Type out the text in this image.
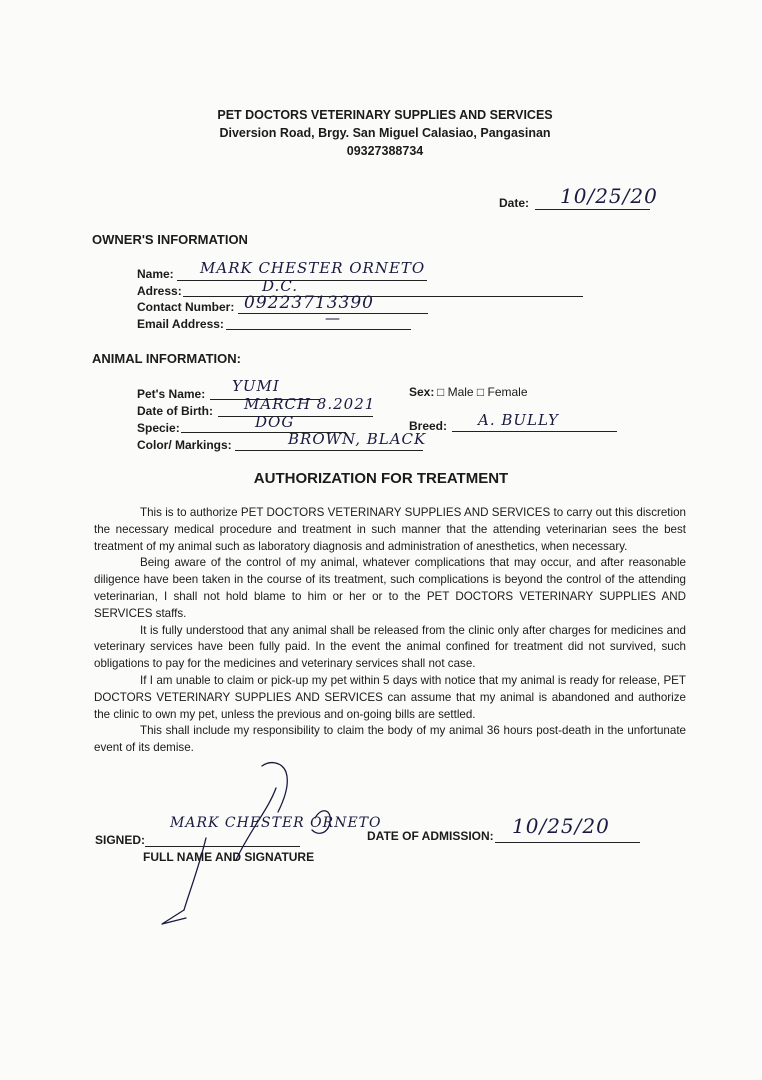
PET DOCTORS VETERINARY SUPPLIES AND SERVICES
Diversion Road, Brgy. San Miguel Calasiao, Pangasinan
09327388734
Date: 10/25/20
OWNER'S INFORMATION
Name: MARK CHESTER ORNETO
Adress:	D.C.
Contact Number: 09223713390
Email Address:	—
ANIMAL INFORMATION:
Pet's Name: YUMI	Sex: □ Male □ Female
Date of Birth: MARCH 8.2021
Specie:	DOG	Breed: A. BULLY
Color/ Markings:	BROWN, BLACK
AUTHORIZATION FOR TREATMENT

This is to authorize PET DOCTORS VETERINARY SUPPLIES AND SERVICES to carry out this discretion the necessary medical procedure and treatment in such manner that the attending veterinarian sees the best treatment of my animal such as laboratory diagnosis and administration of anesthetics, when necessary.

Being aware of the control of my animal, whatever complications that may occur, and after reasonable diligence have been taken in the course of its treatment, such complications is beyond the control of the attending veterinarian, I shall not hold blame to him or her or to the PET DOCTORS VETERINARY SUPPLIES AND SERVICES staffs.

It is fully understood that any animal shall be released from the clinic only after charges for medicines and veterinary services have been fully paid. In the event the animal confined for treatment did not survived, such obligations to pay for the medicines and veterinary services shall not case.

If I am unable to claim or pick-up my pet within 5 days with notice that my animal is ready for release, PET DOCTORS VETERINARY SUPPLIES AND SERVICES can assume that my animal is abandoned and authorize the clinic to own my pet, unless the previous and on-going bills are settled.

This shall include my responsibility to claim the body of my animal 36 hours post-death in the unfortunate event of its demise.

SIGNED:
MARK CHESTER ORNETO
FULL NAME AND SIGNATURE
DATE OF ADMISSION: 10/25/20
